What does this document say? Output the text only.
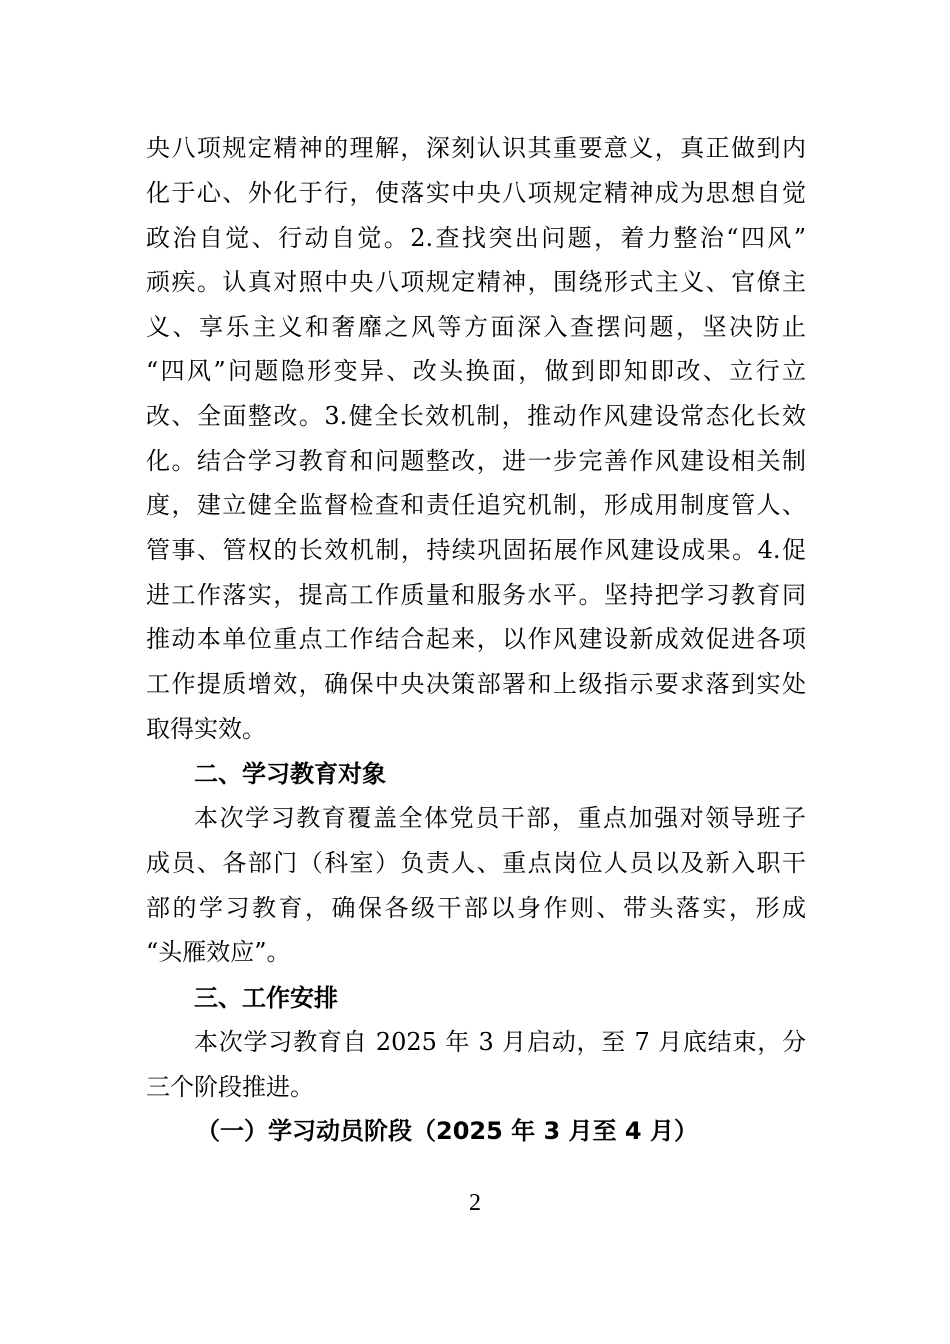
央八项规定精神的理解，深刻认识其重要意义，真正做到内
化于心、外化于行，使落实中央八项规定精神成为思想自觉
政治自觉、行动自觉。2.查找突出问题，着力整治“四风”
顽疾。认真对照中央八项规定精神，围绕形式主义、官僚主
义、享乐主义和奢靡之风等方面深入查摆问题，坚决防止
“四风”问题隐形变异、改头换面，做到即知即改、立行立
改、全面整改。3.健全长效机制，推动作风建设常态化长效
化。结合学习教育和问题整改，进一步完善作风建设相关制
度，建立健全监督检查和责任追究机制，形成用制度管人、
管事、管权的长效机制，持续巩固拓展作风建设成果。4.促
进工作落实，提高工作质量和服务水平。坚持把学习教育同
推动本单位重点工作结合起来，以作风建设新成效促进各项
工作提质增效，确保中央决策部署和上级指示要求落到实处
取得实效。
二、学习教育对象
本次学习教育覆盖全体党员干部，重点加强对领导班子
成员、各部门（科室）负责人、重点岗位人员以及新入职干
部的学习教育，确保各级干部以身作则、带头落实，形成
“头雁效应”。
三、工作安排
本次学习教育自 2025 年 3 月启动，至 7 月底结束，分
三个阶段推进。
（一）学习动员阶段（2025 年 3 月至 4 月）
2
